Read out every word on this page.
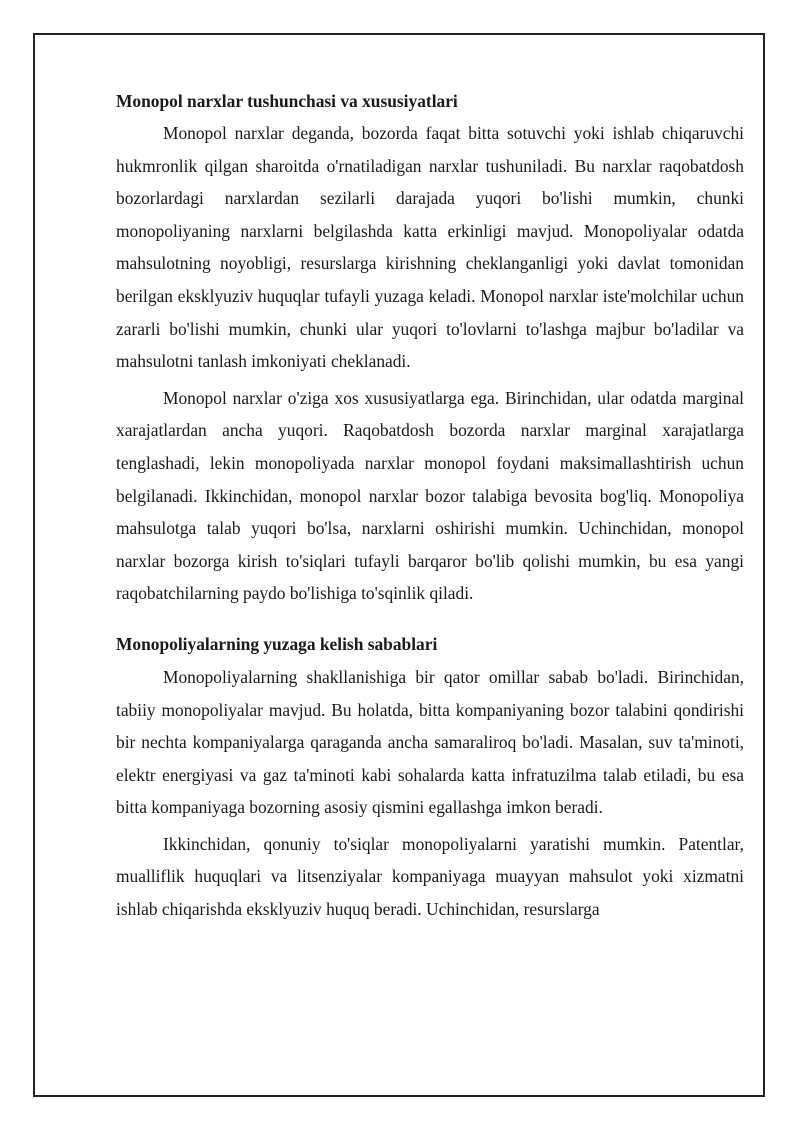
Monopol narxlar tushunchasi va xususiyatlari

Monopol narxlar deganda, bozorda faqat bitta sotuvchi yoki ishlab chiqaruvchi hukmronlik qilgan sharoitda o'rnatiladigan narxlar tushuniladi. Bu narxlar raqobatdosh bozorlardagi narxlardan sezilarli darajada yuqori bo'lishi mumkin, chunki monopoliyaning narxlarni belgilashda katta erkinligi mavjud. Monopoliyalar odatda mahsulotning noyobligi, resurslarga kirishning cheklanganligi yoki davlat tomonidan berilgan eksklyuziv huquqlar tufayli yuzaga keladi. Monopol narxlar iste'molchilar uchun zararli bo'lishi mumkin, chunki ular yuqori to'lovlarni to'lashga majbur bo'ladilar va mahsulotni tanlash imkoniyati cheklanadi.

Monopol narxlar o'ziga xos xususiyatlarga ega. Birinchidan, ular odatda marginal xarajatlardan ancha yuqori. Raqobatdosh bozorda narxlar marginal xarajatlarga tenglashadi, lekin monopoliyada narxlar monopol foydani maksimallashtirish uchun belgilanadi. Ikkinchidan, monopol narxlar bozor talabiga bevosita bog'liq. Monopoliya mahsulotga talab yuqori bo'lsa, narxlarni oshirishi mumkin. Uchinchidan, monopol narxlar bozorga kirish to'siqlari tufayli barqaror bo'lib qolishi mumkin, bu esa yangi raqobatchilarning paydo bo'lishiga to'sqinlik qiladi.

Monopoliyalarning yuzaga kelish sabablari

Monopoliyalarning shakllanishiga bir qator omillar sabab bo'ladi. Birinchidan, tabiiy monopoliyalar mavjud. Bu holatda, bitta kompaniyaning bozor talabini qondirishi bir nechta kompaniyalarga qaraganda ancha samaraliroq bo'ladi. Masalan, suv ta'minoti, elektr energiyasi va gaz ta'minoti kabi sohalarda katta infratuzilma talab etiladi, bu esa bitta kompaniyaga bozorning asosiy qismini egallashga imkon beradi.

Ikkinchidan, qonuniy to'siqlar monopoliyalarni yaratishi mumkin. Patentlar, mualliflik huquqlari va litsenziyalar kompaniyaga muayyan mahsulot yoki xizmatni ishlab chiqarishda eksklyuziv huquq beradi. Uchinchidan, resurslarga
